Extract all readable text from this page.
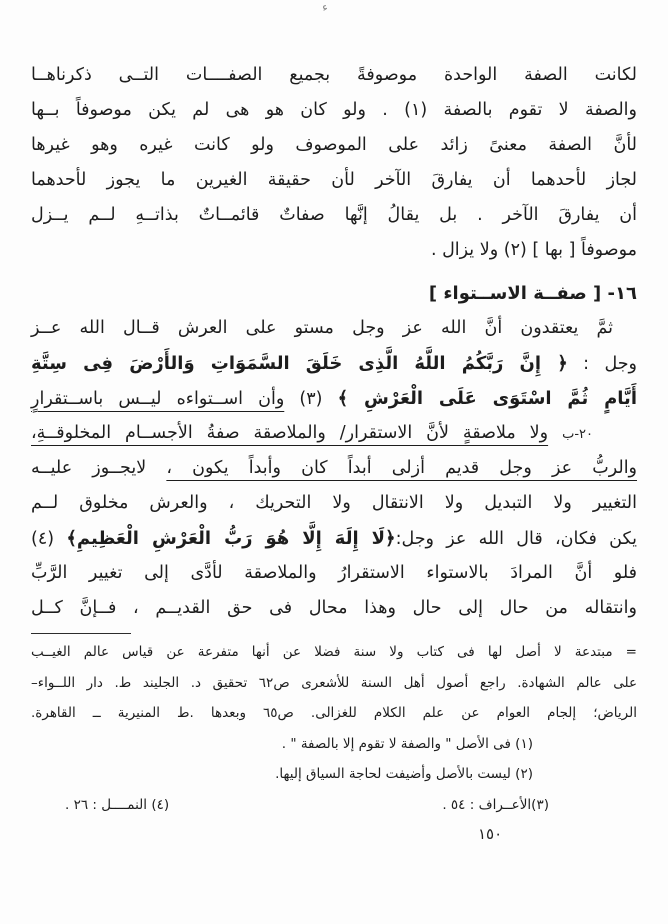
ء
لكانت الصفة الواحدة موصوفةً بجميع الصفــــات التــى ذكرناهــا
والصفة لا تقوم بالصفة (١) . ولو كان هو هى لم يكن موصوفاً بــها
لأنَّ الصفة معنىً زائد على الموصوف ولو كانت غيره وهو غيرها
لجاز لأحدهما أن يفارقَ الآخر لأن حقيقة الغيرين ما يجوز لأحدهما
أن يفارقَ الآخر . بل يقالُ إنَّها صفاتٌ قائمــاتٌ بذاتــهِ لــم يــزل
موصوفاً [ بها ] (٢) ولا يزال .
١٦- [ صفــة الاســتواء ]
ثمَّ يعتقدون أنَّ الله عز وجل مستو على العرش قــال الله عــز
وجل : ﴿ إِنَّ رَبَّكُمُ اللَّهُ الَّذِى خَلَقَ السَّمَوَاتِ وَالأَرْضَ فِى سِتَّةِ
أَيَّامٍ ثُمَّ اسْتَوَى عَلَى الْعَرْشِ ﴾ (٣) وأن اســتواءه ليــس باســتقرارٍ
٢٠-ب
ولا ملاصقةٍ لأنَّ الاستقرار/ والملاصقة صفةُ الأجســام المخلوقــةِ،
والربُّ عز وجل قديم أزلى أبداً كان وأبداً يكون ، لايجــوز عليــه
التغيير ولا التبديل ولا الانتقال ولا التحريك ، والعرش مخلوق لــم
يكن فكان، قال الله عز وجل:﴿لَا إِلَهَ إِلَّا هُوَ رَبُّ الْعَرْشِ الْعَظِيمِ﴾ (٤)
فلو أنَّ المرادَ بالاستواء الاستقرارُ والملاصقة لأدَّى إلى تغيير الرَّبِّ
وانتقاله من حال إلى حال وهذا محال فى حق القديــم ، فــإنَّ كــل
= مبتدعة لا أصل لها فى كتاب ولا سنة فضلا عن أنها متفرعة عن قياس عالم الغيــب
على عالم الشهادة. راجع أصول أهل السنة للأشعرى ص٦٢ تحقيق د. الجليند ط. دار اللــواء–
الرياض؛ إلجام العوام عن علم الكلام للغزالى. ص٦٥ وبعدها .ط المنيرية ــ القاهرة.
(١) فى الأصل " والصفة لا تقوم إلا بالصفة " .
(٢) ليست بالأصل وأضيفت لحاجة السياق إليها.
(٣)الأعــراف : ٥٤ .
(٤) النمــــل : ٢٦ .
١٥٠
